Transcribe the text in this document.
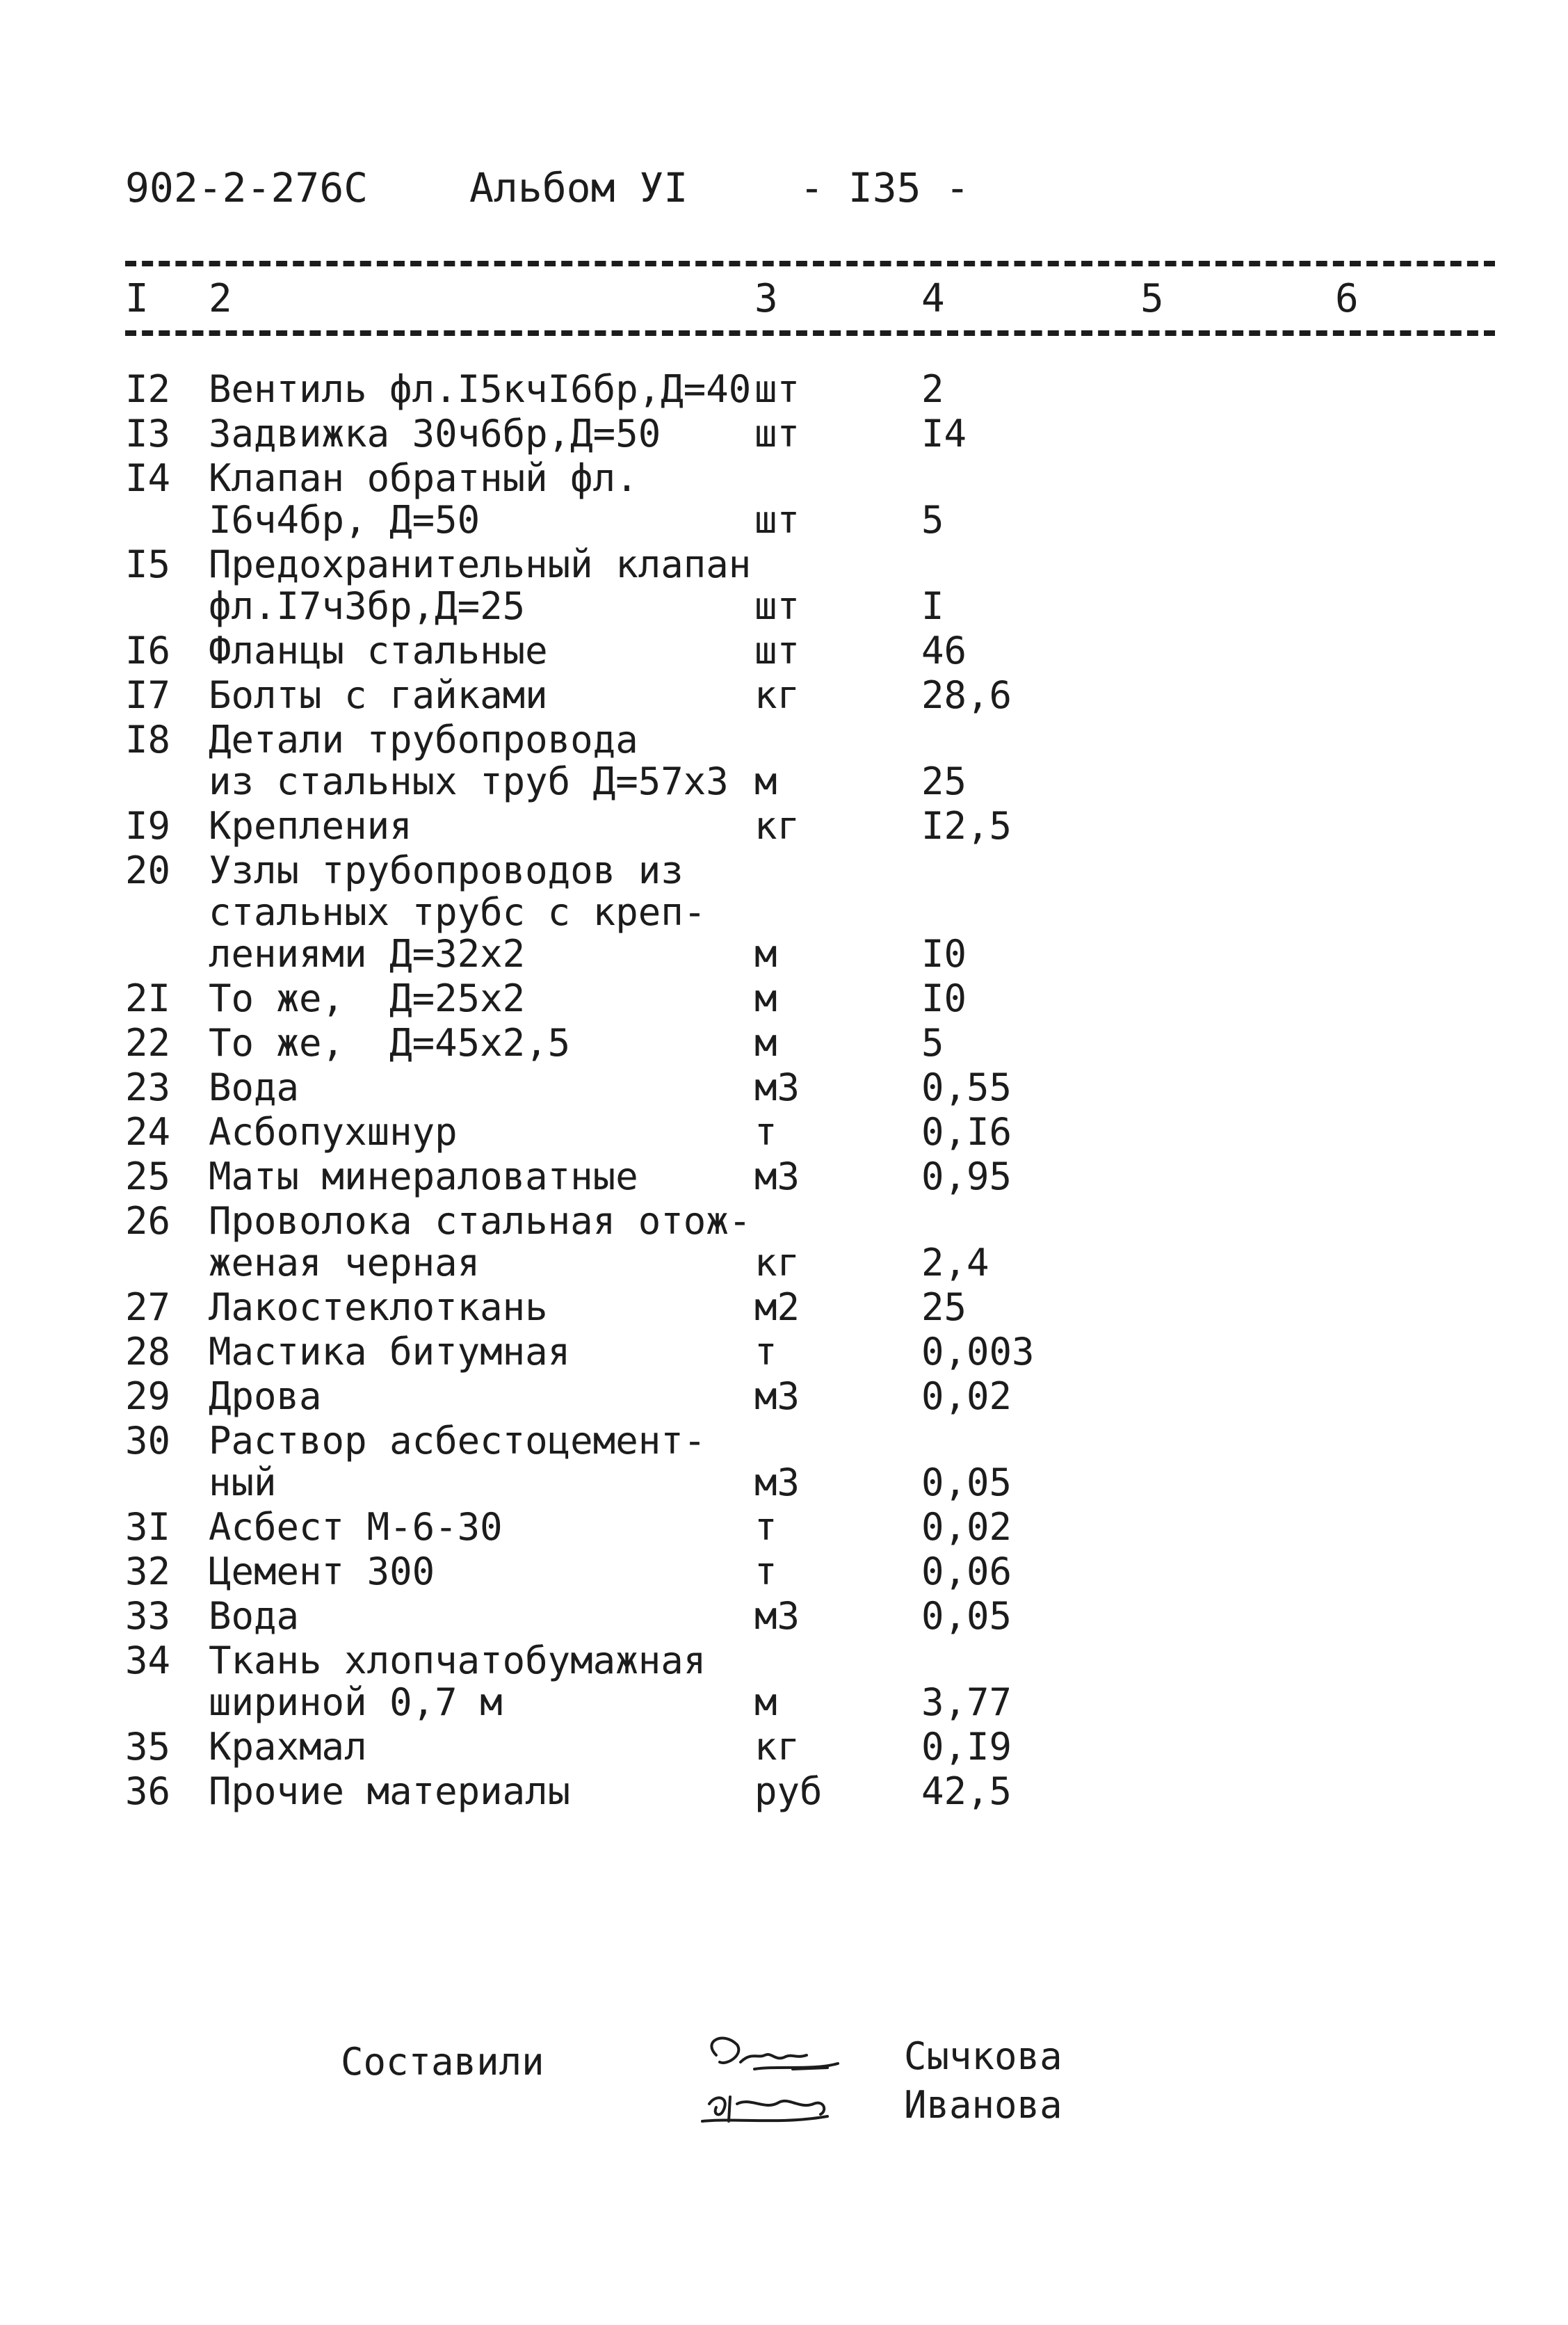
902-2-276C	Альбом УI	- I35 -
I 2	3	4	5	6
I2	Вентиль фл.I5кчI6бр,Д=40 шт	2
I3	Задвижка 30ч6бр,Д=50	шт	I4
I4	Клапан обратный фл.
I6ч4бр, Д=50	шт	5
I5	Предохранительный клапан
фл.I7ч3бр,Д=25	шт	I
I6	Фланцы стальные	шт	46
I7	Болты с гайками	кг	28,6
I8	Детали трубопровода
из стальных труб Д=57х3 м	25
I9	Крепления	кг	I2,5
20	Узлы трубопроводов из
стальных трубс с креп-
лениями Д=32х2	м	I0
2I	То же,  Д=25х2	м	I0
22	То же,  Д=45х2,5	м	5
23	Вода	м3	0,55
24	Асбопухшнур	т	0,I6
25	Маты минераловатные	м3	0,95
26	Проволока стальная отож-
женая черная	кг	2,4
27	Лакостеклоткань	м2	25
28	Мастика битумная	т	0,003
29	Дрова	м3	0,02
30	Раствор асбестоцемент-
ный	м3	0,05
3I	Асбест М-6-30	т	0,02
32	Цемент 300	т	0,06
33	Вода	м3	0,05
34	Ткань хлопчатобумажная
шириной 0,7 м	м	3,77
35	Крахмал	кг	0,I9
36	Прочие материалы	руб	42,5
Составили	Сычкова
Иванова
